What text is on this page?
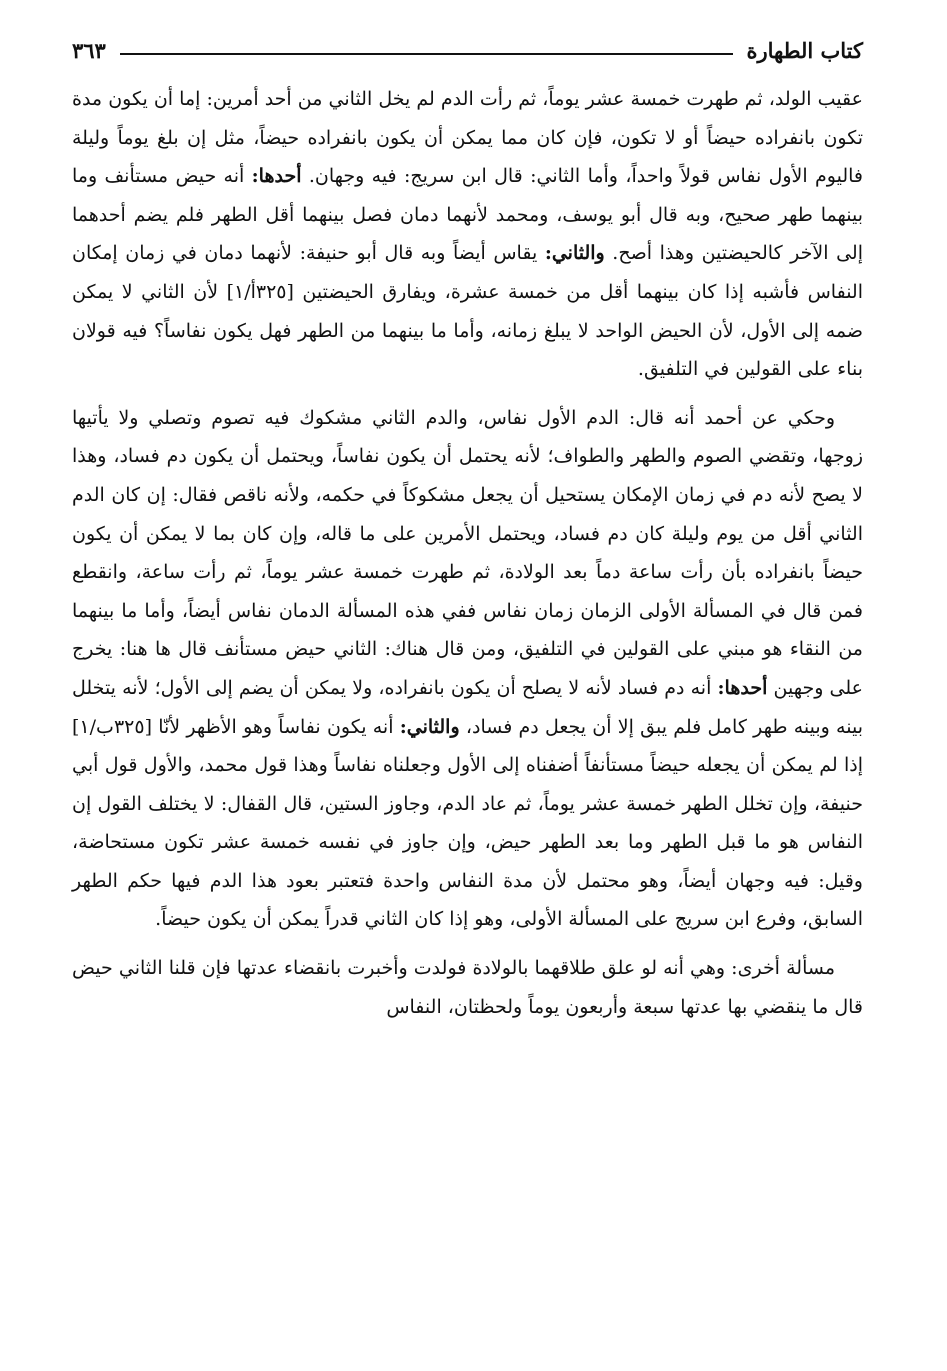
كتاب الطهارة
٣٦٣

عقيب الولد، ثم طهرت خمسة عشر يوماً، ثم رأت الدم لم يخل الثاني من أحد أمرين: إما أن يكون مدة تكون بانفراده حيضاً أو لا تكون، فإن كان مما يمكن أن يكون بانفراده حيضاً، مثل إن بلغ يوماً وليلة فاليوم الأول نفاس قولاً واحداً، وأما الثاني: قال ابن سريج: فيه وجهان. أحدها: أنه حيض مستأنف وما بينهما طهر صحيح، وبه قال أبو يوسف، ومحمد لأنهما دمان فصل بينهما أقل الطهر فلم يضم أحدهما إلى الآخر كالحيضتين وهذا أصح. والثاني: يقاس أيضاً وبه قال أبو حنيفة: لأنهما دمان في زمان إمكان النفاس فأشبه إذا كان بينهما أقل من خمسة عشرة، ويفارق الحيضتين [٣٢٥أ/١] لأن الثاني لا يمكن ضمه إلى الأول، لأن الحيض الواحد لا يبلغ زمانه، وأما ما بينهما من الطهر فهل يكون نفاساً؟ فيه قولان بناء على القولين في التلفيق.

وحكي عن أحمد أنه قال: الدم الأول نفاس، والدم الثاني مشكوك فيه تصوم وتصلي ولا يأتيها زوجها، وتقضي الصوم والطهر والطواف؛ لأنه يحتمل أن يكون نفاساً، ويحتمل أن يكون دم فساد، وهذا لا يصح لأنه دم في زمان الإمكان يستحيل أن يجعل مشكوكاً في حكمه، ولأنه ناقص فقال: إن كان الدم الثاني أقل من يوم وليلة كان دم فساد، ويحتمل الأمرين على ما قاله، وإن كان بما لا يمكن أن يكون حيضاً بانفراده بأن رأت ساعة دماً بعد الولادة، ثم طهرت خمسة عشر يوماً، ثم رأت ساعة، وانقطع فمن قال في المسألة الأولى الزمان زمان نفاس ففي هذه المسألة الدمان نفاس أيضاً، وأما ما بينهما من النقاء هو مبني على القولين في التلفيق، ومن قال هناك: الثاني حيض مستأنف قال ها هنا: يخرج على وجهين أحدها: أنه دم فساد لأنه لا يصلح أن يكون بانفراده، ولا يمكن أن يضم إلى الأول؛ لأنه يتخلل بينه وبينه طهر كامل فلم يبق إلا أن يجعل دم فساد، والثاني: أنه يكون نفاساً وهو الأظهر لأنّا [٣٢٥ب/١] إذا لم يمكن أن يجعله حيضاً مستأنفاً أضفناه إلى الأول وجعلناه نفاساً وهذا قول محمد، والأول قول أبي حنيفة، وإن تخلل الطهر خمسة عشر يوماً، ثم عاد الدم، وجاوز الستين، قال القفال: لا يختلف القول إن النفاس هو ما قبل الطهر وما بعد الطهر حيض، وإن جاوز في نفسه خمسة عشر تكون مستحاضة، وقيل: فيه وجهان أيضاً، وهو محتمل لأن مدة النفاس واحدة فتعتبر بعود هذا الدم فيها حكم الطهر السابق، وفرع ابن سريج على المسألة الأولى، وهو إذا كان الثاني قدراً يمكن أن يكون حيضاً.

مسألة أخرى: وهي أنه لو علق طلاقهما بالولادة فولدت وأخبرت بانقضاء عدتها فإن قلنا الثاني حيض قال ما ينقضي بها عدتها سبعة وأربعون يوماً ولحظتان، النفاس
